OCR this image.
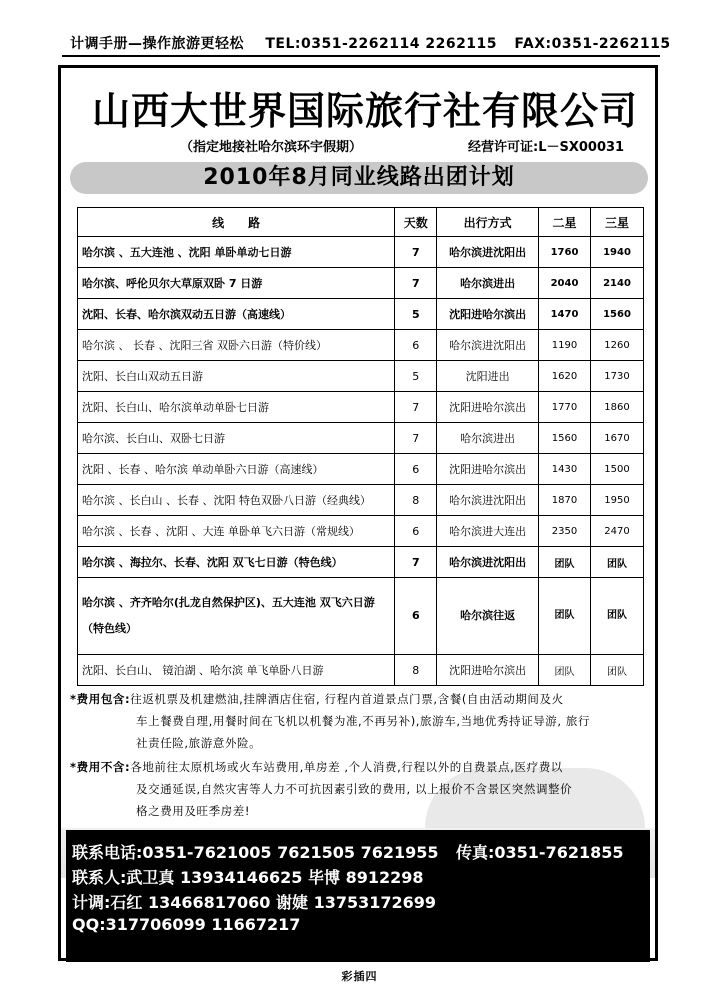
计调手册—操作旅游更轻松 TEL:0351-2262114 2262115 FAX:0351-2262115
山西大世界国际旅行社有限公司
（指定地接社哈尔滨环宇假期）	经营许可证:L－SX00031
2010年8月同业线路出团计划
线　　路	天数	出行方式	二星	三星
哈尔滨 、五大连池 、沈阳 单卧单动七日游	7	哈尔滨进沈阳出	1760	1940
哈尔滨、呼伦贝尔大草原双卧 7 日游	7	哈尔滨进出	2040	2140
沈阳、长春、哈尔滨双动五日游（高速线）	5	沈阳进哈尔滨出	1470	1560
哈尔滨 、 长春 、沈阳三省 双卧六日游（特价线）	6	哈尔滨进沈阳出	1190	1260
沈阳、长白山双动五日游	5	沈阳进出	1620	1730
沈阳、长白山、哈尔滨单动单卧七日游	7	沈阳进哈尔滨出	1770	1860
哈尔滨、长白山、双卧七日游	7	哈尔滨进出	1560	1670
沈阳 、长春 、哈尔滨 单动单卧六日游（高速线）	6	沈阳进哈尔滨出	1430	1500
哈尔滨 、长白山 、长春 、沈阳 特色双卧八日游（经典线）	8	哈尔滨进沈阳出	1870	1950
哈尔滨 、长春 、沈阳 、大连 单卧单飞六日游（常规线）	6	哈尔滨进大连出	2350	2470
哈尔滨 、海拉尔、长春、沈阳 双飞七日游（特色线）	7	哈尔滨进沈阳出	团队	团队
哈尔滨 、齐齐哈尔(扎龙自然保护区)、五大连池 双飞六日游（特色线）	6	哈尔滨往返	团队	团队
沈阳、长白山、 镜泊湖 、哈尔滨 单飞单卧八日游	8	沈阳进哈尔滨出	团队	团队
*费用包含:往返机票及机建燃油,挂牌酒店住宿, 行程内首道景点门票,含餐(自由活动期间及火
车上餐费自理,用餐时间在飞机以机餐为准,不再另补),旅游车,当地优秀持证导游, 旅行
社责任险,旅游意外险。
*费用不含:各地前往太原机场或火车站费用,单房差 ,个人消费,行程以外的自费景点,医疗费以
及交通延误,自然灾害等人力不可抗因素引致的费用, 以上报价不含景区突然调整价
格之费用及旺季房差!
联系电话:0351-7621005 7621505 7621955 传真:0351-7621855
联系人:武卫真 13934146625 毕博 8912298
计调:石红 13466817060 谢婕 13753172699
QQ:317706099 11667217
彩插四
